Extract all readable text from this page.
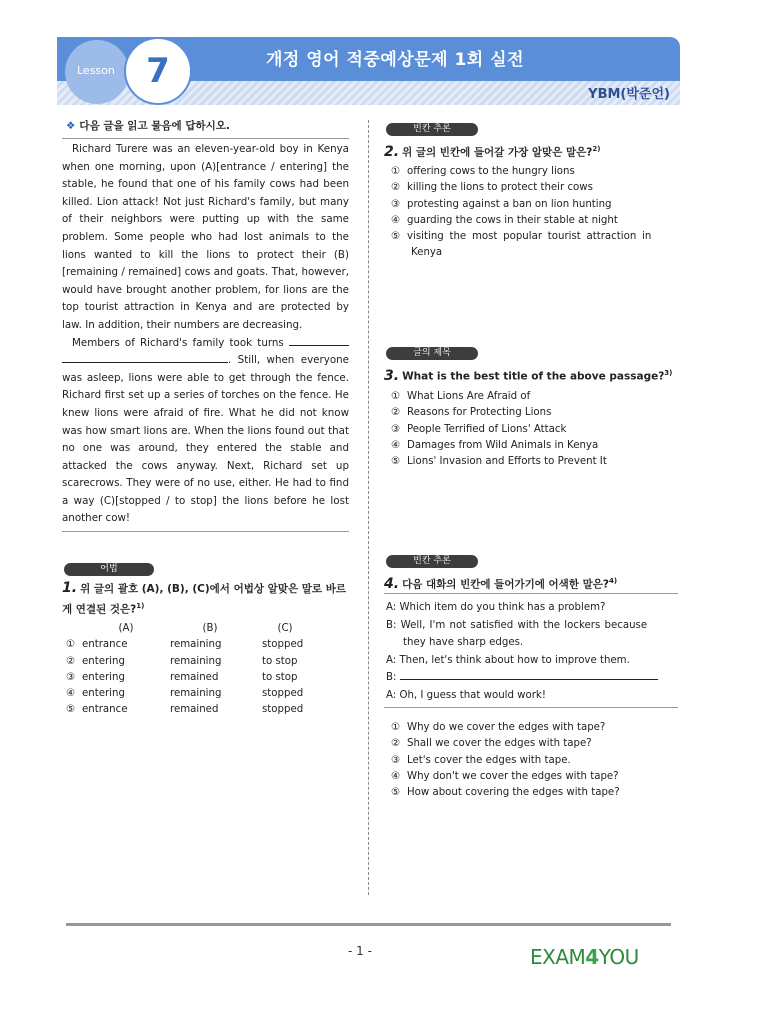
Lesson 7	개정 영어 적중예상문제 1회 실전
YBM(박준언)
❖ 다음 글을 읽고 물음에 답하시오.

Richard Turere was an eleven-year-old boy in Kenya when one morning, upon (A)[entrance / entering] the stable, he found that one of his family cows had been killed. Lion attack! Not just Richard's family, but many of their neighbors were putting up with the same problem. Some people who had lost animals to the lions wanted to kill the lions to protect their (B)[remaining / remained] cows and goats. That, however, would have brought another problem, for lions are the top tourist attraction in Kenya and are protected by law. In addition, their numbers are decreasing.

Members of Richard's family took turns  . Still, when everyone was asleep, lions were able to get through the fence. Richard first set up a series of torches on the fence. He knew lions were afraid of fire. What he did not know was how smart lions are. When the lions found out that no one was around, they entered the stable and attacked the cows anyway. Next, Richard set up scarecrows. They were of no use, either. He had to find a way (C)[stopped / to stop] the lions before he lost another cow!

어법
1. 위 글의 괄호 (A), (B), (C)에서 어법상 알맞은 말로 바르게 연결된 것은?$^{1)}$
(A)	(B)	(C)
① entrance	remaining	stopped
② entering	remaining	to stop
③ entering	remained	to stop
④ entering	remaining	stopped
⑤ entrance	remained	stopped
빈칸 추론
2. 위 글의 빈칸에 들어갈 가장 알맞은 말은?$^{2)}$
① offering cows to the hungry lions
② killing the lions to protect their cows
③ protesting against a ban on lion hunting
④ guarding the cows in their stable at night
⑤ visiting the most popular tourist attraction in
Kenya
글의 제목
3. What is the best title of the above passage?$^{3)}$
① What Lions Are Afraid of
② Reasons for Protecting Lions
③ People Terrified of Lions' Attack
④ Damages from Wild Animals in Kenya
⑤ Lions' Invasion and Efforts to Prevent It
빈칸 추론
4. 다음 대화의 빈칸에 들어가기에 어색한 말은?$^{4)}$
A: Which item do you think has a problem?
B: Well, I'm not satisfied with the lockers because
they have sharp edges.
A: Then, let's think about how to improve them.
B:
A: Oh, I guess that would work!
① Why do we cover the edges with tape?
② Shall we cover the edges with tape?
③ Let's cover the edges with tape.
④ Why don't we cover the edges with tape?
⑤ How about covering the edges with tape?
- 1 -	EXAM4YOU
